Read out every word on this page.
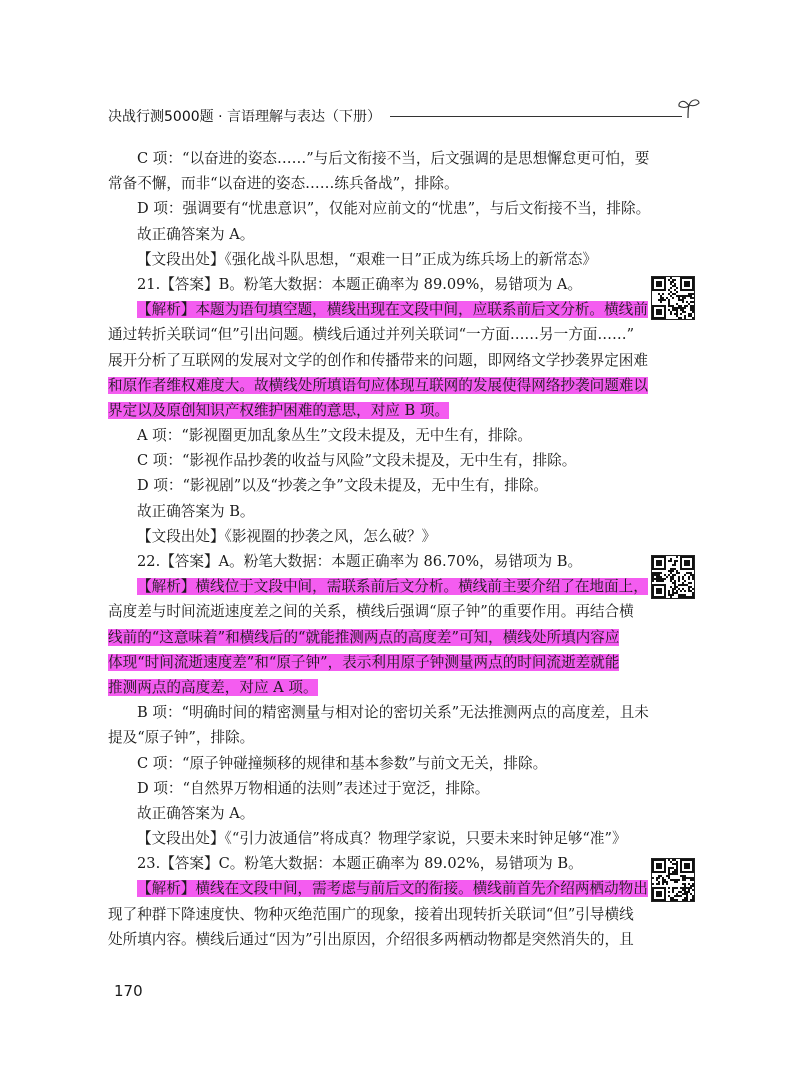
决战行测5000题 · 言语理解与表达（下册）
C 项：“以奋进的姿态……”与后文衔接不当，后文强调的是思想懈怠更可怕，要
常备不懈，而非“以奋进的姿态……练兵备战”，排除。
D 项：强调要有“忧患意识”，仅能对应前文的“忧患”，与后文衔接不当，排除。
故正确答案为 A。
【文段出处】《强化战斗队思想，“艰难一日”正成为练兵场上的新常态》
21.【答案】B。粉笔大数据：本题正确率为 89.09%，易错项为 A。
【解析】本题为语句填空题，横线出现在文段中间，应联系前后文分析。横线前
通过转折关联词“但”引出问题。横线后通过并列关联词“一方面……另一方面……”
展开分析了互联网的发展对文学的创作和传播带来的问题，即网络文学抄袭界定困难
和原作者维权难度大。故横线处所填语句应体现互联网的发展使得网络抄袭问题难以
界定以及原创知识产权维护困难的意思，对应 B 项。
A 项：“影视圈更加乱象丛生”文段未提及，无中生有，排除。
C 项：“影视作品抄袭的收益与风险”文段未提及，无中生有，排除。
D 项：“影视剧”以及“抄袭之争”文段未提及，无中生有，排除。
故正确答案为 B。
【文段出处】《影视圈的抄袭之风，怎么破？》
22.【答案】A。粉笔大数据：本题正确率为 86.70%，易错项为 B。
【解析】横线位于文段中间，需联系前后文分析。横线前主要介绍了在地面上，
高度差与时间流逝速度差之间的关系，横线后强调“原子钟”的重要作用。再结合横
线前的“这意味着”和横线后的“就能推测两点的高度差”可知，横线处所填内容应
体现“时间流逝速度差”和“原子钟”，表示利用原子钟测量两点的时间流逝差就能
推测两点的高度差，对应 A 项。
B 项：“明确时间的精密测量与相对论的密切关系”无法推测两点的高度差，且未
提及“原子钟”，排除。
C 项：“原子钟碰撞频移的规律和基本参数”与前文无关，排除。
D 项：“自然界万物相通的法则”表述过于宽泛，排除。
故正确答案为 A。
【文段出处】《“引力波通信”将成真？物理学家说，只要未来时钟足够“准”》
23.【答案】C。粉笔大数据：本题正确率为 89.02%，易错项为 B。
【解析】横线在文段中间，需考虑与前后文的衔接。横线前首先介绍两栖动物出
现了种群下降速度快、物种灭绝范围广的现象，接着出现转折关联词“但”引导横线
处所填内容。横线后通过“因为”引出原因，介绍很多两栖动物都是突然消失的，且
170
